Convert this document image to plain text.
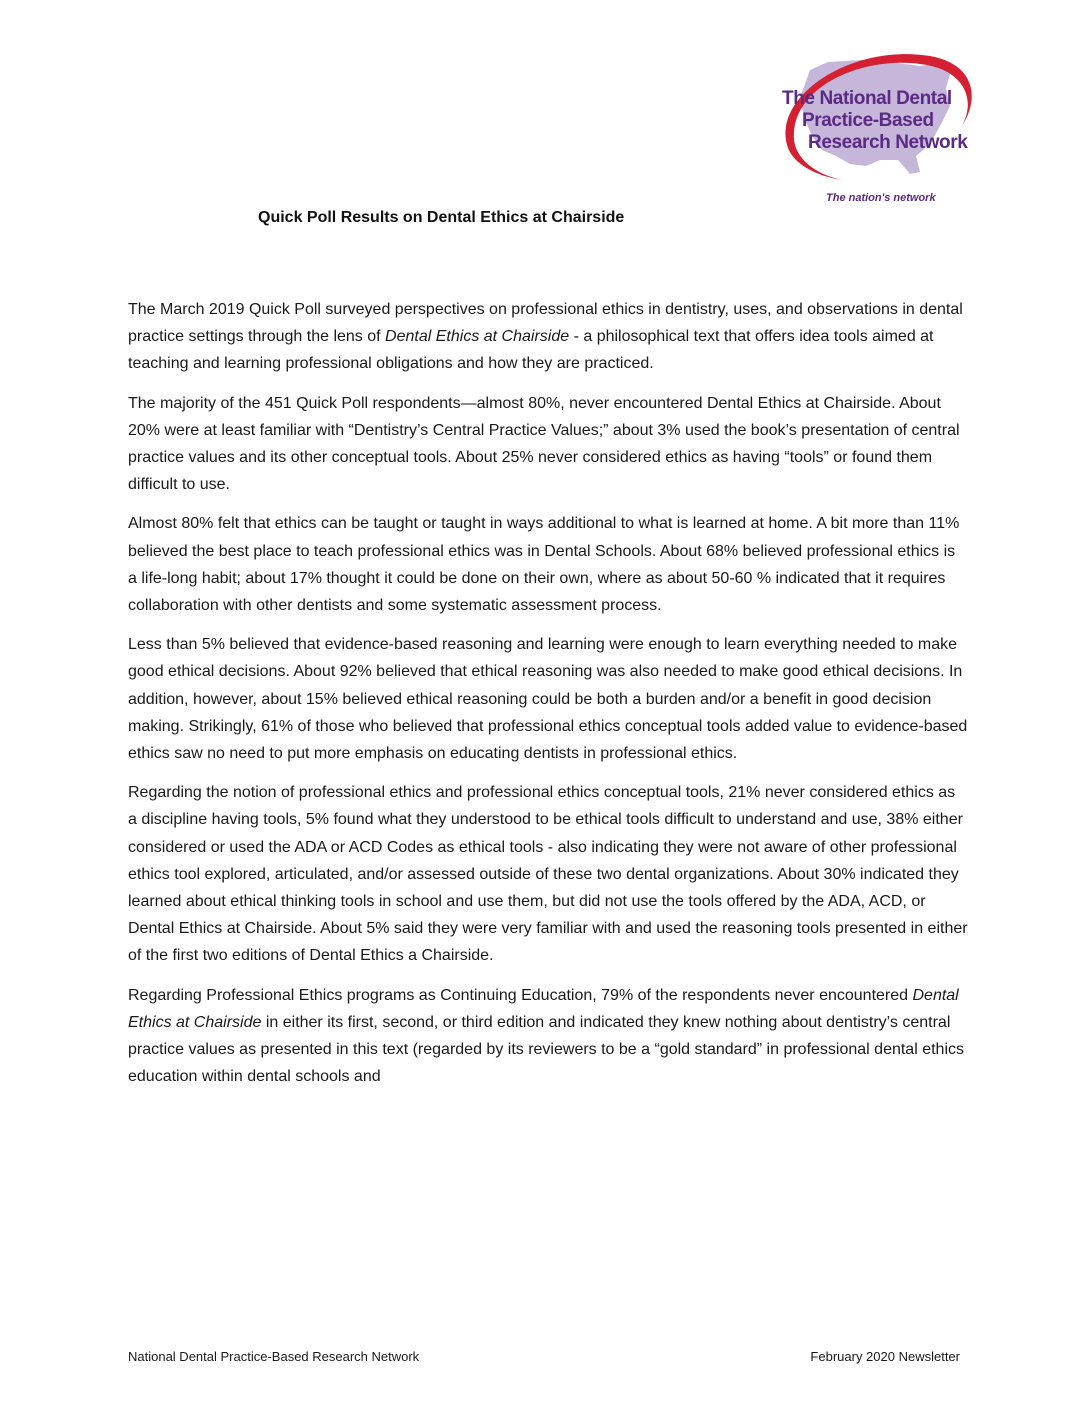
The National Dental
Practice-Based
Research Network
The nation's network
Quick Poll Results on Dental Ethics at Chairside

The March 2019 Quick Poll surveyed perspectives on professional ethics in dentistry, uses, and observations in dental practice settings through the lens of Dental Ethics at Chairside - a philosophical text that offers idea tools aimed at teaching and learning professional obligations and how they are practiced.

The majority of the 451 Quick Poll respondents—almost 80%, never encountered Dental Ethics at Chairside. About 20% were at least familiar with “Dentistry’s Central Practice Values;” about 3% used the book’s presentation of central practice values and its other conceptual tools. About 25% never considered ethics as having “tools” or found them difficult to use.

Almost 80% felt that ethics can be taught or taught in ways additional to what is learned at home. A bit more than 11% believed the best place to teach professional ethics was in Dental Schools. About 68% believed professional ethics is a life-long habit; about 17% thought it could be done on their own, where as about 50-60 % indicated that it requires collaboration with other dentists and some systematic assessment process.

Less than 5% believed that evidence-based reasoning and learning were enough to learn everything needed to make good ethical decisions. About 92% believed that ethical reasoning was also needed to make good ethical decisions. In addition, however, about 15% believed ethical reasoning could be both a burden and/or a benefit in good decision making. Strikingly, 61% of those who believed that professional ethics conceptual tools added value to evidence-based ethics saw no need to put more emphasis on educating dentists in professional ethics.

Regarding the notion of professional ethics and professional ethics conceptual tools, 21% never considered ethics as a discipline having tools, 5% found what they understood to be ethical tools difficult to understand and use, 38% either considered or used the ADA or ACD Codes as ethical tools - also indicating they were not aware of other professional ethics tool explored, articulated, and/or assessed outside of these two dental organizations. About 30% indicated they learned about ethical thinking tools in school and use them, but did not use the tools offered by the ADA, ACD, or Dental Ethics at Chairside. About 5% said they were very familiar with and used the reasoning tools presented in either of the first two editions of Dental Ethics a Chairside.

Regarding Professional Ethics programs as Continuing Education, 79% of the respondents never encountered Dental Ethics at Chairside in either its first, second, or third edition and indicated they knew nothing about dentistry’s central practice values as presented in this text (regarded by its reviewers to be a “gold standard” in professional dental ethics education within dental schools and

National Dental Practice-Based Research Network	February 2020 Newsletter
